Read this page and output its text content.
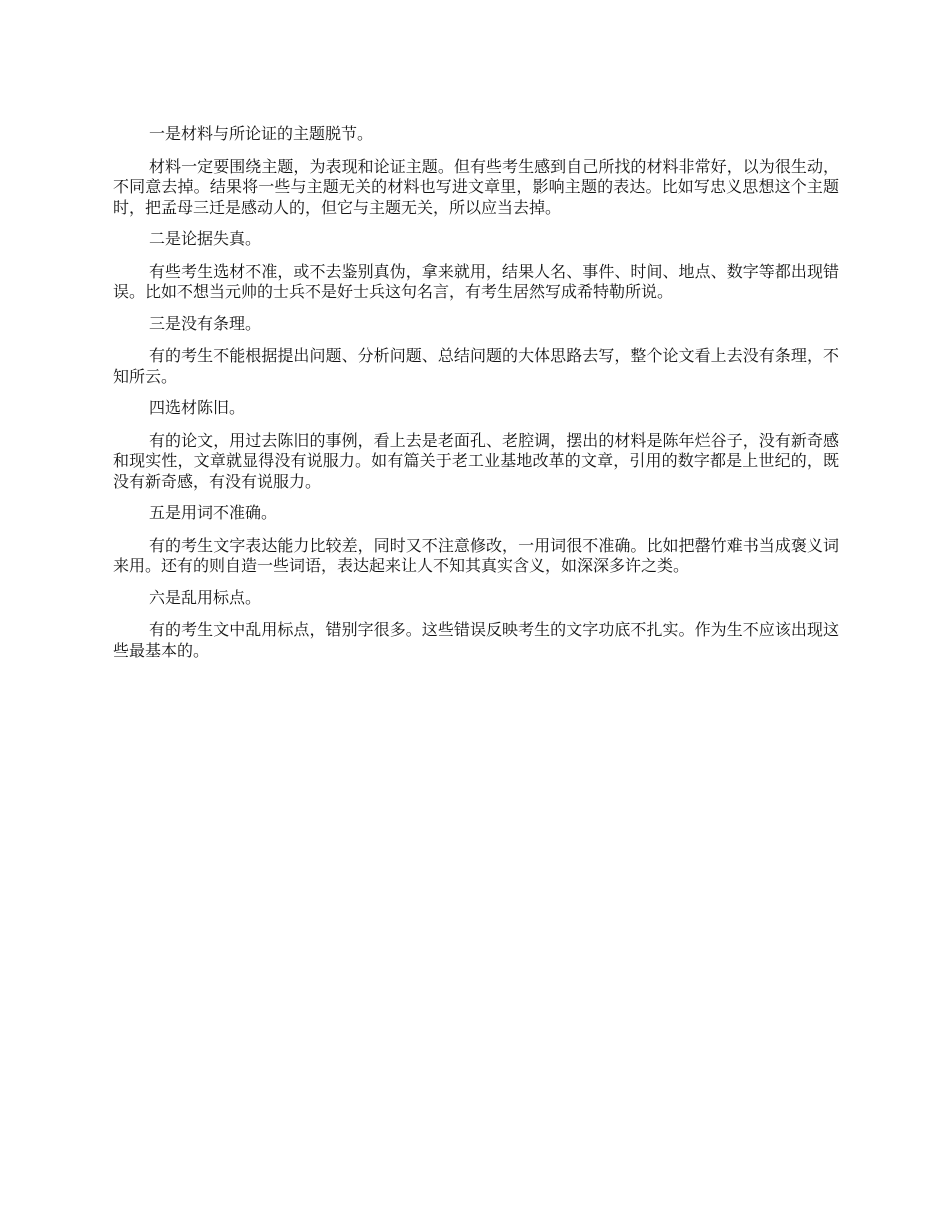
一是材料与所论证的主题脱节。

材料一定要围绕主题，为表现和论证主题。但有些考生感到自己所找的材料非常好，以为很生动，不同意去掉。结果将一些与主题无关的材料也写进文章里，影响主题的表达。比如写忠义思想这个主题时，把孟母三迁是感动人的，但它与主题无关，所以应当去掉。

二是论据失真。

有些考生选材不准，或不去鉴别真伪，拿来就用，结果人名、事件、时间、地点、数字等都出现错误。比如不想当元帅的士兵不是好士兵这句名言，有考生居然写成希特勒所说。

三是没有条理。

有的考生不能根据提出问题、分析问题、总结问题的大体思路去写，整个论文看上去没有条理，不知所云。

四选材陈旧。

有的论文，用过去陈旧的事例，看上去是老面孔、老腔调，摆出的材料是陈年烂谷子，没有新奇感和现实性，文章就显得没有说服力。如有篇关于老工业基地改革的文章，引用的数字都是上世纪的，既没有新奇感，有没有说服力。

五是用词不准确。

有的考生文字表达能力比较差，同时又不注意修改，一用词很不准确。比如把罄竹难书当成褒义词来用。还有的则自造一些词语，表达起来让人不知其真实含义，如深深多许之类。

六是乱用标点。

有的考生文中乱用标点，错别字很多。这些错误反映考生的文字功底不扎实。作为生不应该出现这些最基本的。
